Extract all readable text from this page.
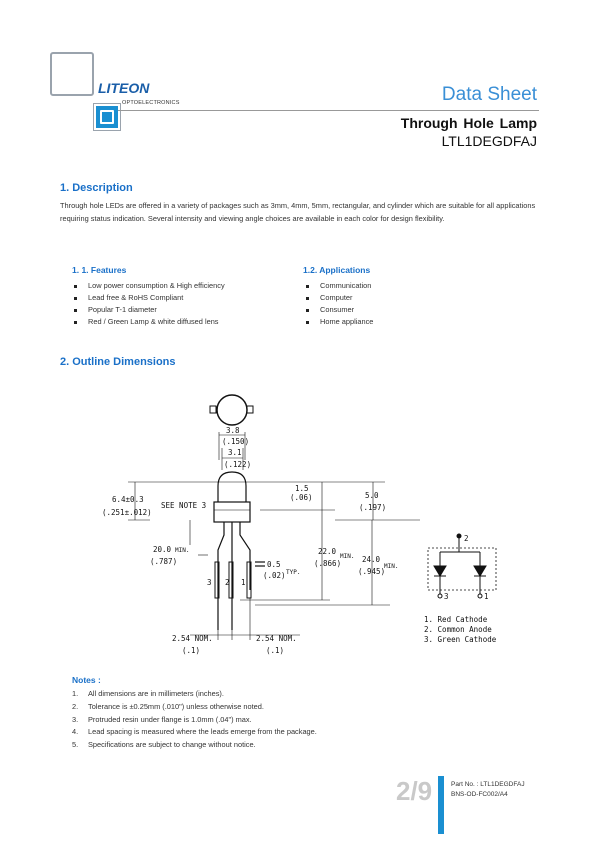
LITEON
OPTOELECTRONICS	Data Sheet
Through Hole Lamp
LTL1DEGDFAJ
1. Description
Through hole LEDs are offered in a variety of packages such as 3mm, 4mm, 5mm, rectangular, and cylinder which are suitable for all applications requiring status indication. Several intensity and viewing angle choices are available in each color for design flexibility.
1. 1. Features
Low power consumption & High efficiency
Lead free & RoHS Compliant
Popular T-1 diameter
Red / Green Lamp & white diffused lens
1.2. Applications
Communication
Computer
Consumer
Home appliance
2. Outline Dimensions
3.8
(.150)
3.1
(.122)
3 2 1
6.4±0.3
(.251±.012)
SEE NOTE 3
1.5
(.06)	5.0
(.197)
20.0 MIN.
(.787)	0.5
(.02) TYP.
22.0
MIN.
(.866)	24.0
MIN.
(.945)
2.54 NOM.
(.1)
2.54 NOM.
(.1)
2
3	1
1. Red Cathode
2. Common Anode
3. Green Cathode
Notes :
1. All dimensions are in millimeters (inches).
2. Tolerance is ±0.25mm (.010") unless otherwise noted.
3. Protruded resin under flange is 1.0mm (.04") max.
4. Lead spacing is measured where the leads emerge from the package.
5. Specifications are subject to change without notice.
2/9	Part No. : LTL1DEGDFAJ
BNS-OD-FC002/A4
